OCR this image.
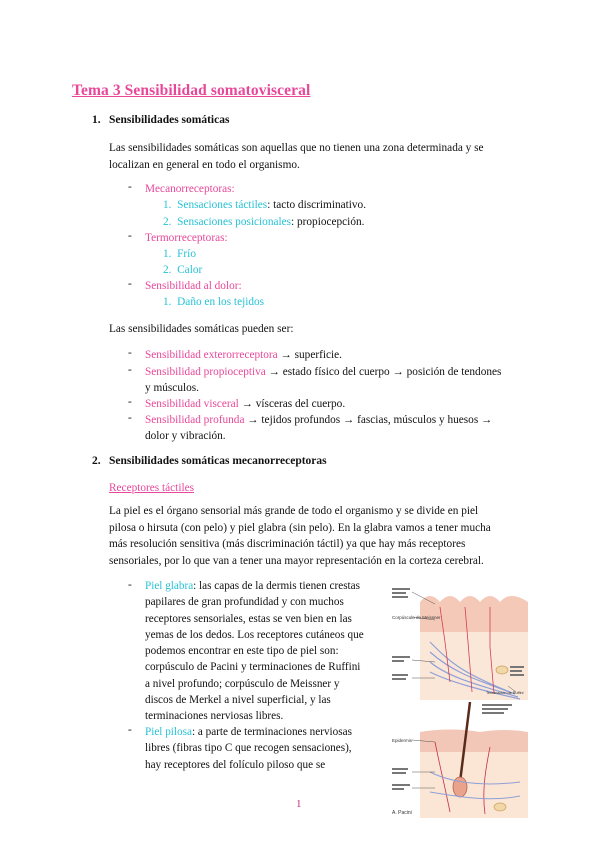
Tema 3 Sensibilidad somatovisceral
1. Sensibilidades somáticas
Las sensibilidades somáticas son aquellas que no tienen una zona determinada y se
localizan en general en todo el organismo.
- Mecanorreceptoras:
1. Sensaciones táctiles: tacto discriminativo.
2. Sensaciones posicionales: propiocepción.
- Termorreceptoras:
1. Frío
2. Calor
- Sensibilidad al dolor:
1. Daño en los tejidos
Las sensibilidades somáticas pueden ser:
- Sensibilidad exterorreceptora → superficie.
- Sensibilidad propioceptiva → estado físico del cuerpo → posición de tendones
y músculos.
- Sensibilidad visceral → vísceras del cuerpo.
- Sensibilidad profunda → tejidos profundos → fascias, músculos y huesos →
dolor y vibración.
2. Sensibilidades somáticas mecanorreceptoras
Receptores táctiles
La piel es el órgano sensorial más grande de todo el organismo y se divide en piel
pilosa o hirsuta (con pelo) y piel glabra (sin pelo). En la glabra vamos a tener mucha
más resolución sensitiva (más discriminación táctil) ya que hay más receptores
sensoriales, por lo que van a tener una mayor representación en la corteza cerebral.
- Piel glabra: las capas de la dermis tienen crestas
papilares de gran profundidad y con muchos
receptores sensoriales, estas se ven bien en las
yemas de los dedos. Los receptores cutáneos que
podemos encontrar en este tipo de piel son:
corpúsculo de Pacini y terminaciones de Ruffini
a nivel profundo; corpúsculo de Meissner y
discos de Merkel a nivel superficial, y las
terminaciones nerviosas libres.
- Piel pilosa: a parte de terminaciones nerviosas
libres (fibras tipo C que recogen sensaciones),
hay receptores del folículo piloso que se
Corpúsculo de Meissner
Epidermis
A. Pacini
Terminación de Ruffini
1
